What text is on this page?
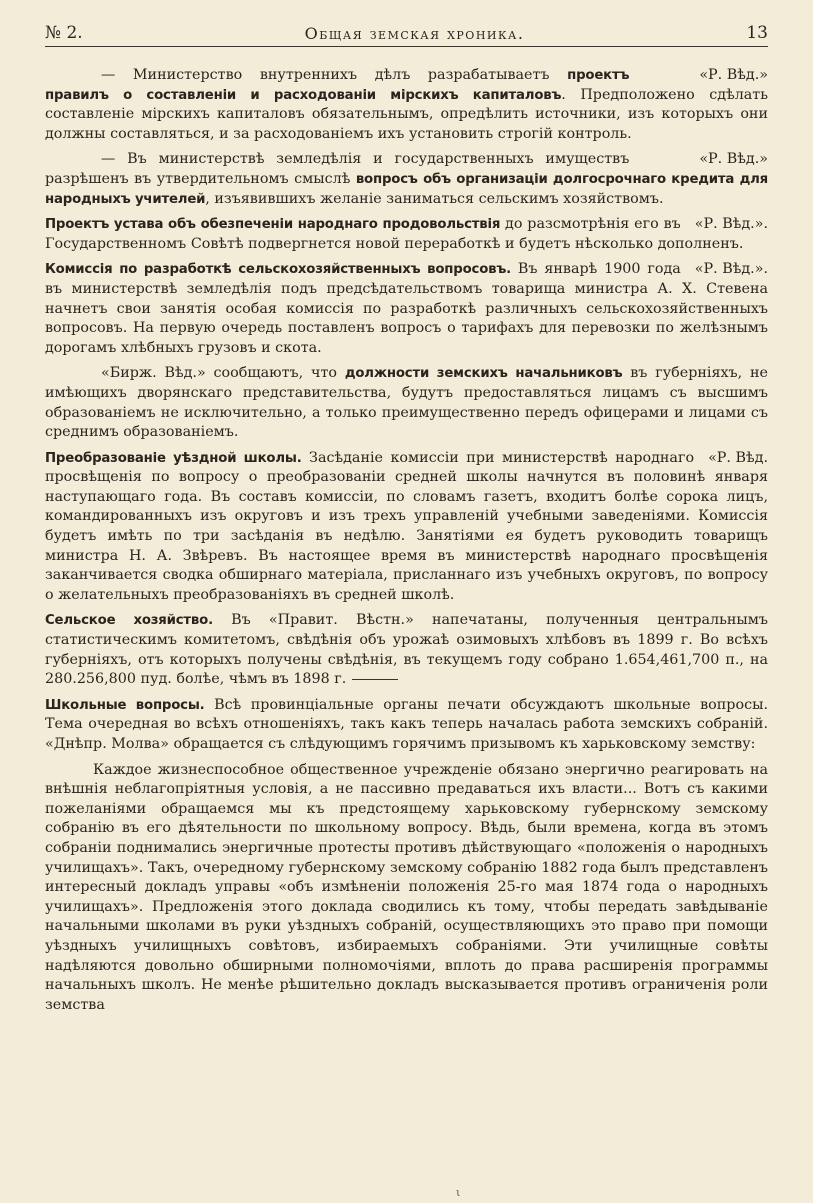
№ 2.	Общая земская хроника.	13

«Р. Вѣд.»
— Министерство внутреннихъ дѣлъ разрабатываетъ проектъ правилъ о составленіи и расходованіи мірскихъ капиталовъ. Предположено сдѣлать составленіе мірскихъ капиталовъ обязательнымъ, опредѣлить источники, изъ которыхъ они должны составляться, и за расходованіемъ ихъ установить строгій контроль.

«Р. Вѣд.»
— Въ министерствѣ земледѣлія и государственныхъ имуществъ разрѣшенъ въ утвердительномъ смыслѣ вопросъ объ организаціи долгосрочнаго кредита для народныхъ учителей, изъявившихъ желаніе заниматься сельскимъ хозяйствомъ.

«Р. Вѣд.».
Проектъ устава объ обезпеченіи народнаго продовольствія до разсмотрѣнія его въ Государственномъ Совѣтѣ подвергнется новой переработкѣ и будетъ нѣсколько дополненъ.

«Р. Вѣд.».
Комиссія по разработкѣ сельскохозяйственныхъ вопросовъ. Въ январѣ 1900 года въ министерствѣ земледѣлія подъ предсѣдательствомъ товарища министра А. Х. Стевена начнетъ свои занятія особая комиссія по разработкѣ различныхъ сельскохозяйственныхъ вопросовъ. На первую очередь поставленъ вопросъ о тарифахъ для перевозки по желѣзнымъ дорогамъ хлѣбныхъ грузовъ и скота.

«Бирж. Вѣд.» сообщаютъ, что должности земскихъ начальниковъ въ губерніяхъ, не имѣющихъ дворянскаго представительства, будутъ предоставляться лицамъ съ высшимъ образованіемъ не исключительно, а только преимущественно передъ офицерами и лицами съ среднимъ образованіемъ.

«Р. Вѣд.
Преобразованіе уѣздной школы. Засѣданіе комиссіи при министерствѣ народнаго просвѣщенія по вопросу о преобразованіи средней школы начнутся въ половинѣ января наступающаго года. Въ составъ комиссіи, по словамъ газетъ, входитъ болѣе сорока лицъ, командированныхъ изъ округовъ и изъ трехъ управленій учебными заведеніями. Комиссія будетъ имѣть по три засѣданія въ недѣлю. Занятіями ея будетъ руководить товарищъ министра Н. А. Звѣревъ. Въ настоящее время въ министерствѣ народнаго просвѣщенія заканчивается сводка обширнаго матеріала, присланнаго изъ учебныхъ округовъ, по вопросу о желательныхъ преобразованіяхъ въ средней школѣ.

Сельское хозяйство. Въ «Правит. Вѣстн.» напечатаны, полученныя центральнымъ статистическимъ комитетомъ, свѣдѣнія объ урожаѣ озимовыхъ хлѣбовъ въ 1899 г. Во всѣхъ губерніяхъ, отъ которыхъ получены свѣдѣнія, въ текущемъ году собрано 1.654,461,700 п., на 280.256,800 пуд. болѣе, чѣмъ въ 1898 г.

Школьные вопросы. Всѣ провинціальные органы печати обсуждаютъ школьные вопросы. Тема очередная во всѣхъ отношеніяхъ, такъ какъ теперь началась работа земскихъ собраній. «Днѣпр. Молва» обращается съ слѣдующимъ горячимъ призывомъ къ харьковскому земству:

Каждое жизнеспособное общественное учрежденіе обязано энергично реагировать на внѣшнія неблагопріятныя условія, а не пассивно предаваться ихъ власти... Вотъ съ какими пожеланіями обращаемся мы къ предстоящему харьковскому губернскому земскому собранію въ его дѣятельности по школьному вопросу. Вѣдь, были времена, когда въ этомъ собраніи поднимались энергичные протесты противъ дѣйствующаго «положенія о народныхъ училищахъ». Такъ, очередному губернскому земскому собранію 1882 года былъ представленъ интересный докладъ управы «объ измѣненіи положенія 25-го мая 1874 года о народныхъ училищахъ». Предложенія этого доклада сводились къ тому, чтобы передать завѣдываніе начальными школами въ руки уѣздныхъ собраній, осуществляющихъ это право при помощи уѣздныхъ училищныхъ совѣтовъ, избираемыхъ собраніями. Эти училищные совѣты надѣляются довольно обширными полномочіями, вплоть до права расширенія программы начальныхъ школъ. Не менѣе рѣшительно докладъ высказывается противъ ограниченія роли земства

ι
